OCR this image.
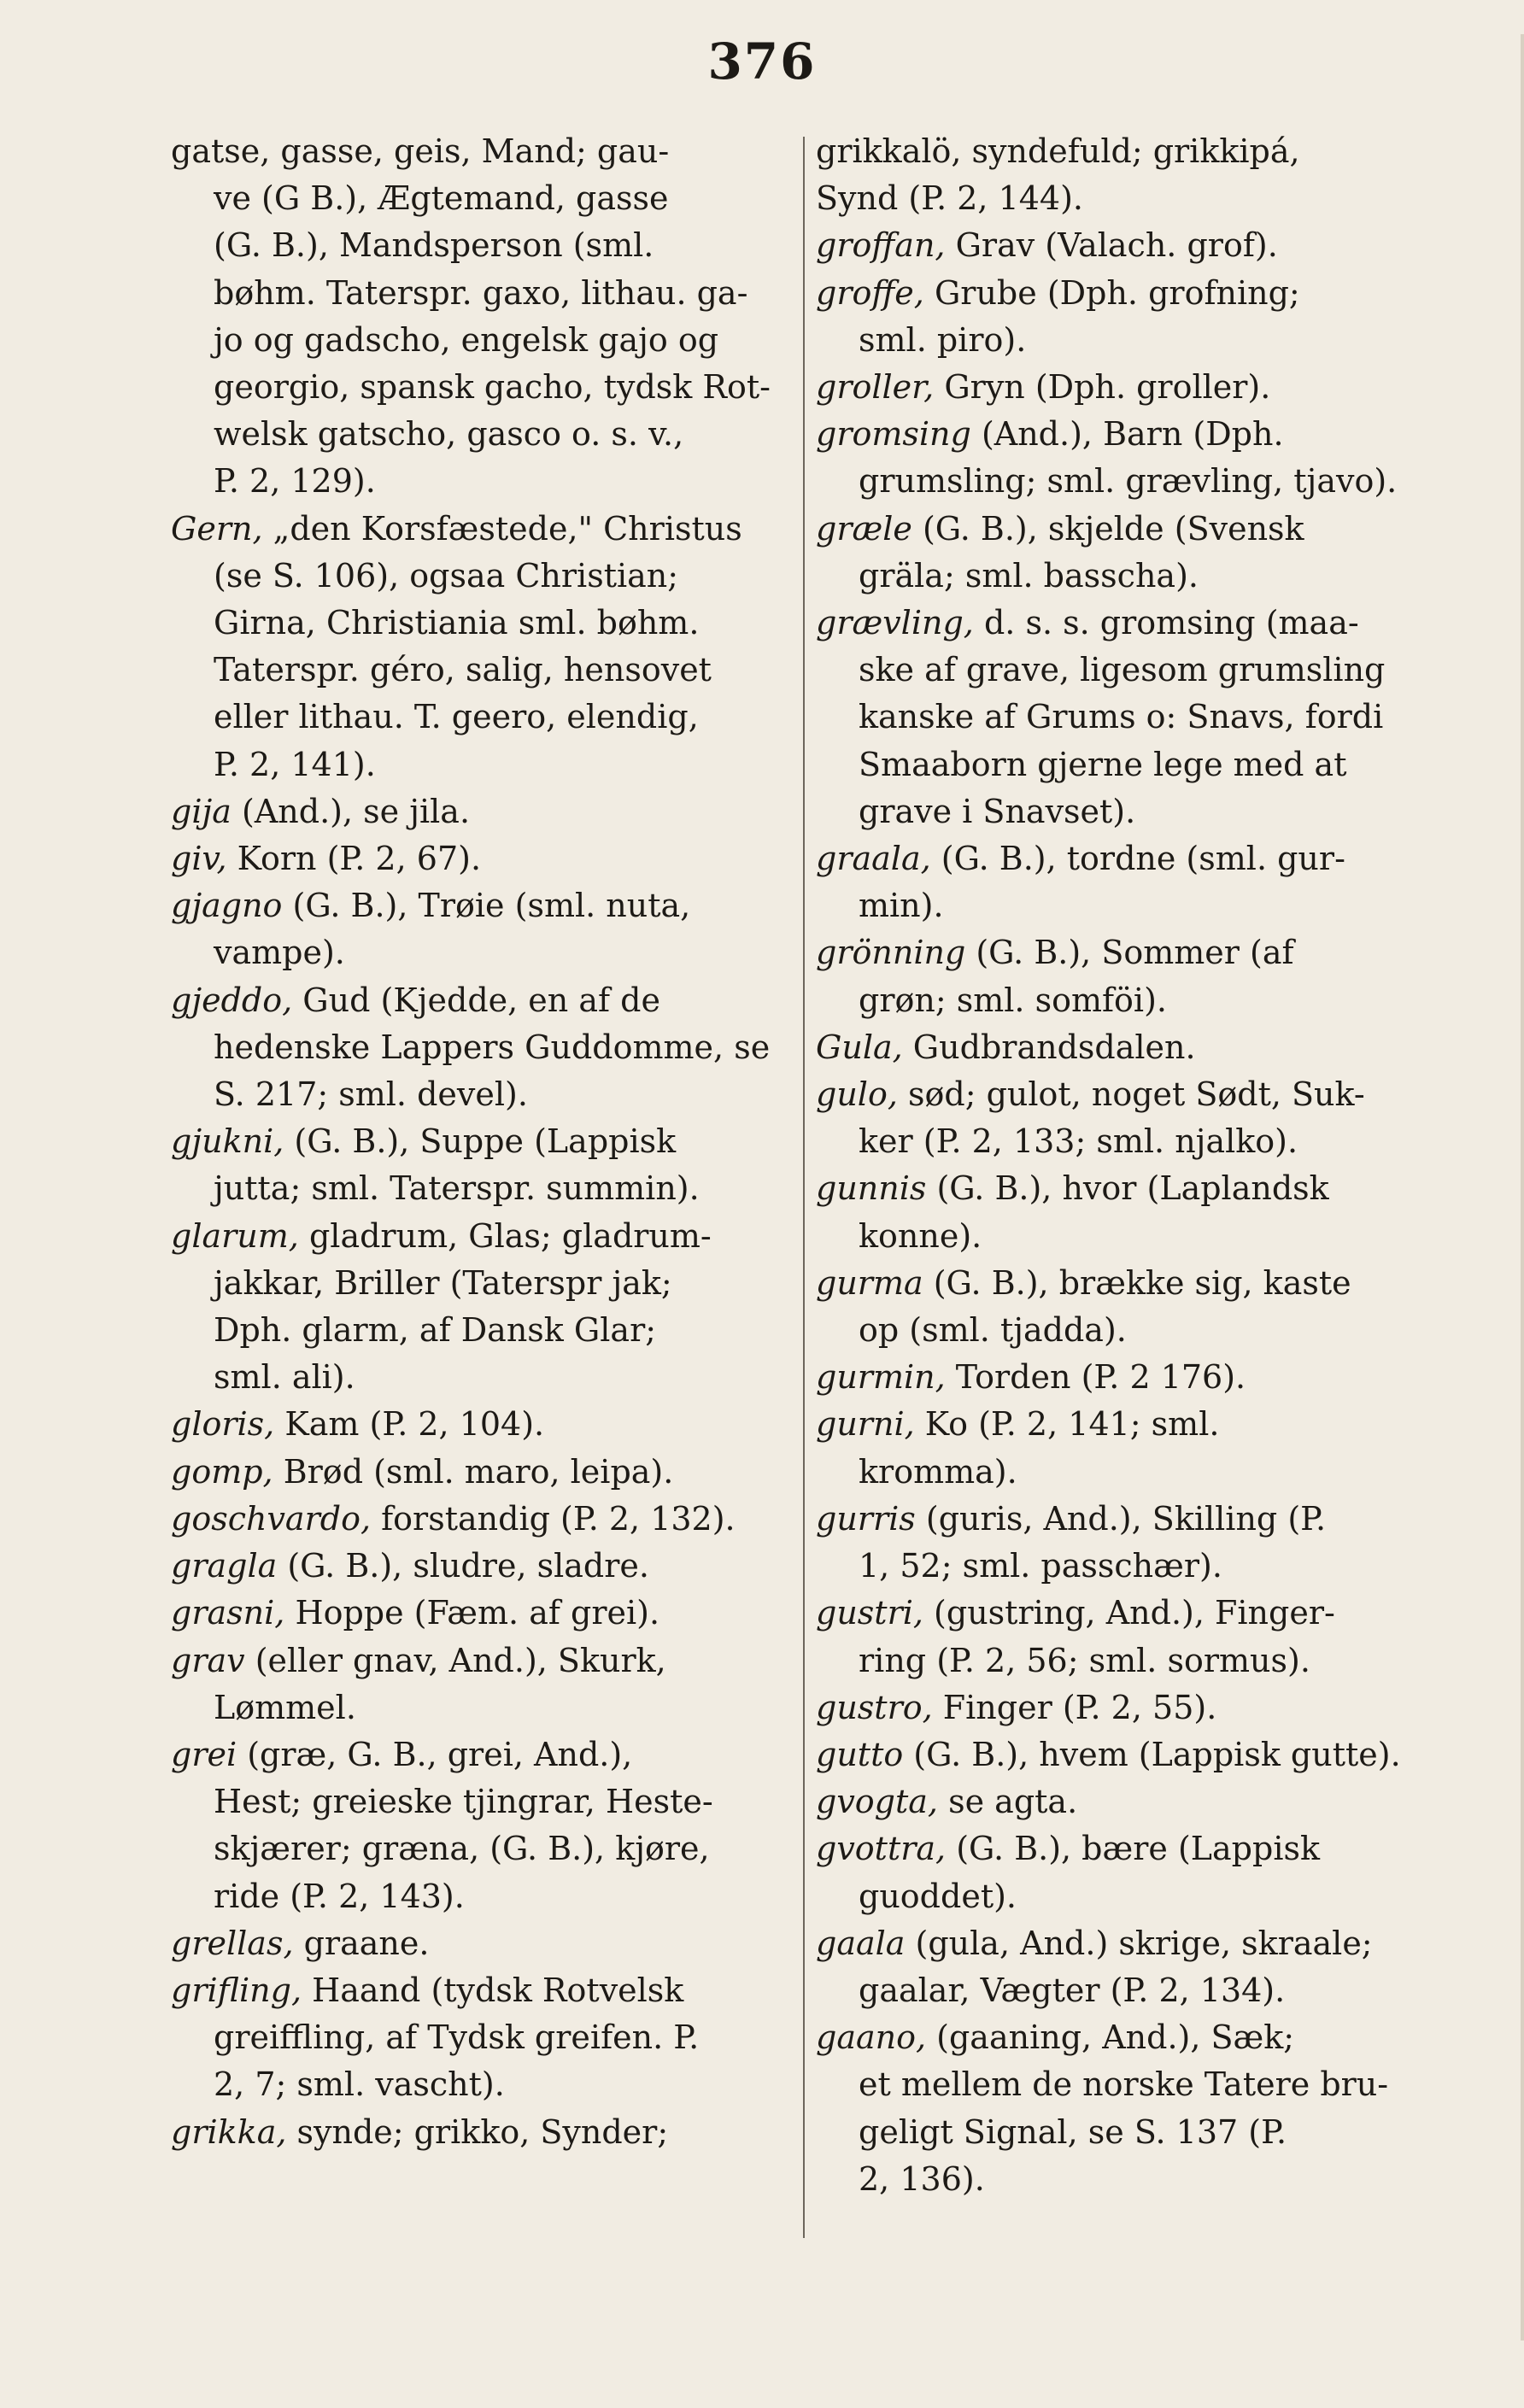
376
gatse, gasse, geis, Mand; gau-
ve (G B.), Ægtemand, gasse
(G. B.), Mandsperson (sml.
bøhm. Taterspr. gaxo, lithau. ga-
jo og gadscho, engelsk gajo og
georgio, spansk gacho, tydsk Rot-
welsk gatscho, gasco o. s. v.,
P. 2, 129).
Gern, „den Korsfæstede," Christus
(se S. 106), ogsaa Christian;
Girna, Christiania sml. bøhm.
Taterspr. géro, salig, hensovet
eller lithau. T. geero, elendig,
P. 2, 141).
gija (And.), se jila.
giv, Korn (P. 2, 67).
gjagno (G. B.), Trøie (sml. nuta,
vampe).
gjeddo, Gud (Kjedde, en af de
hedenske Lappers Guddomme, se
S. 217; sml. devel).
gjukni, (G. B.), Suppe (Lappisk
jutta; sml. Taterspr. summin).
glarum, gladrum, Glas; gladrum-
jakkar, Briller (Taterspr jak;
Dph. glarm, af Dansk Glar;
sml. ali).
gloris, Kam (P. 2, 104).
gomp, Brød (sml. maro, leipa).
goschvardo, forstandig (P. 2, 132).
gragla (G. B.), sludre, sladre.
grasni, Hoppe (Fæm. af grei).
grav (eller gnav, And.), Skurk,
Lømmel.
grei (græ, G. B., grei, And.),
Hest; greieske tjingrar, Heste-
skjærer; græna, (G. B.), kjøre,
ride (P. 2, 143).
grellas, graane.
grifling, Haand (tydsk Rotvelsk
greiffling, af Tydsk greifen. P.
2, 7; sml. vascht).
grikka, synde; grikko, Synder;
grikkalö, syndefuld; grikkipá,
Synd (P. 2, 144).
groffan, Grav (Valach. grof).
groffe, Grube (Dph. grofning;
sml. piro).
groller, Gryn (Dph. groller).
gromsing (And.), Barn (Dph.
grumsling; sml. grævling, tjavo).
græle (G. B.), skjelde (Svensk
gräla; sml. basscha).
grævling, d. s. s. gromsing (maa-
ske af grave, ligesom grumsling
kanske af Grums o: Snavs, fordi
Smaaborn gjerne lege med at
grave i Snavset).
graala, (G. B.), tordne (sml. gur-
min).
grönning (G. B.), Sommer (af
grøn; sml. somföi).
Gula, Gudbrandsdalen.
gulo, sød; gulot, noget Sødt, Suk-
ker (P. 2, 133; sml. njalko).
gunnis (G. B.), hvor (Laplandsk
konne).
gurma (G. B.), brække sig, kaste
op (sml. tjadda).
gurmin, Torden (P. 2 176).
gurni, Ko (P. 2, 141; sml.
kromma).
gurris (guris, And.), Skilling (P.
1, 52; sml. passchær).
gustri, (gustring, And.), Finger-
ring (P. 2, 56; sml. sormus).
gustro, Finger (P. 2, 55).
gutto (G. B.), hvem (Lappisk gutte).
gvogta, se agta.
gvottra, (G. B.), bære (Lappisk
guoddet).
gaala (gula, And.) skrige, skraale;
gaalar, Vægter (P. 2, 134).
gaano, (gaaning, And.), Sæk;
et mellem de norske Tatere bru-
geligt Signal, se S. 137 (P.
2, 136).
